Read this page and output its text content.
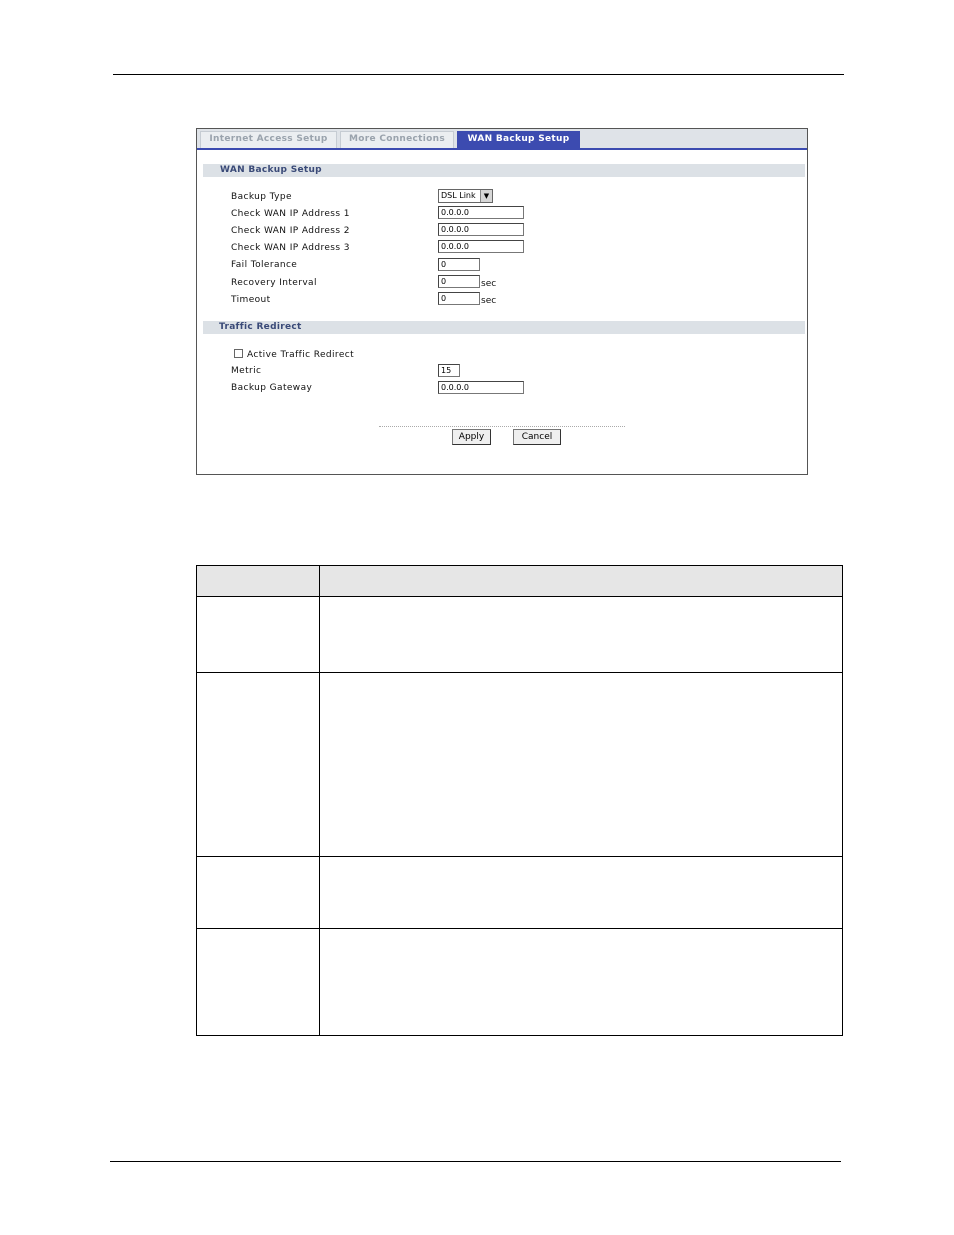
Internet Access Setup	More Connections	WAN Backup Setup
WAN Backup Setup
Backup Type	DSL Link	▼
Check WAN IP Address 1	0.0.0.0
Check WAN IP Address 2	0.0.0.0
Check WAN IP Address 3	0.0.0.0
Fail Tolerance	0
Recovery Interval	0	sec
Timeout	0	sec
Traffic Redirect
Active Traffic Redirect
Metric	15
Backup Gateway	0.0.0.0
Apply	Cancel
